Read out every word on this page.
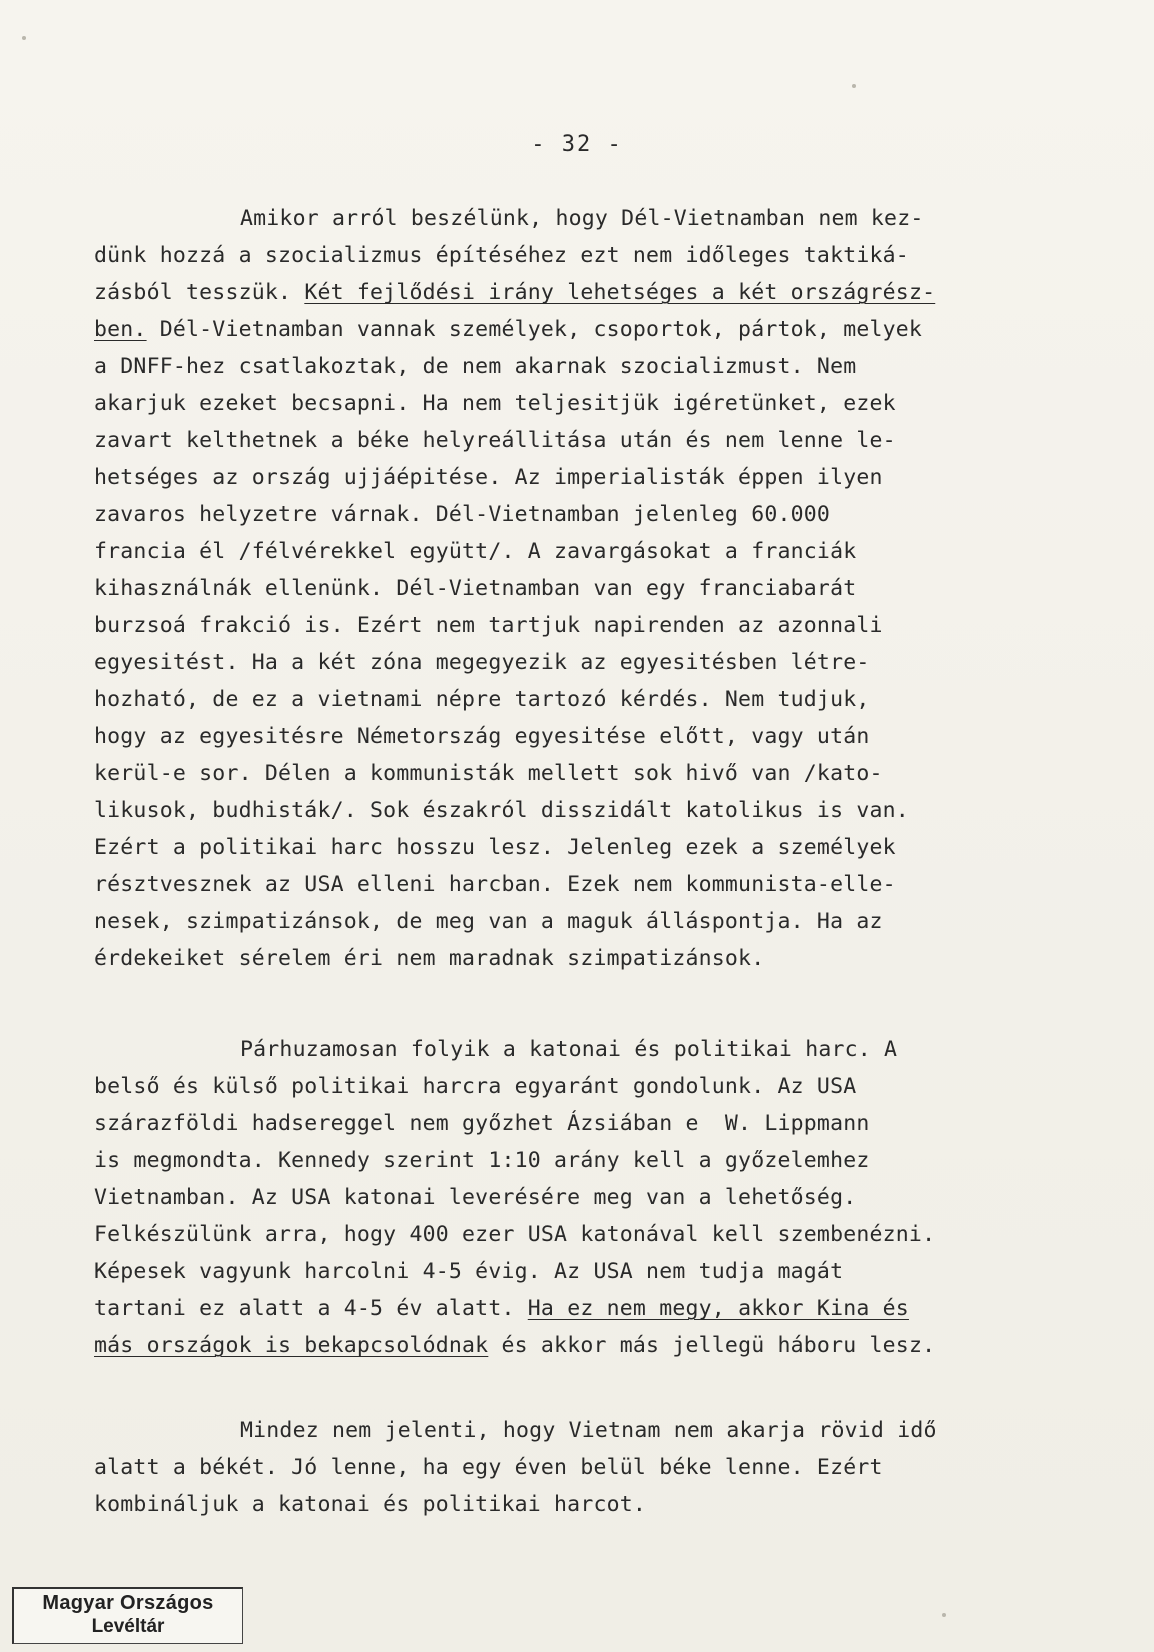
- 32 -
Amikor arról beszélünk, hogy Dél-Vietnamban nem kez-
dünk hozzá a szocializmus építéséhez ezt nem időleges taktiká-
zásból tesszük. Két fejlődési irány lehetséges a két országrész-
ben. Dél-Vietnamban vannak személyek, csoportok, pártok, melyek
a DNFF-hez csatlakoztak, de nem akarnak szocializmust. Nem
akarjuk ezeket becsapni. Ha nem teljesitjük igéretünket, ezek
zavart kelthetnek a béke helyreállitása után és nem lenne le-
hetséges az ország ujjáépitése. Az imperialisták éppen ilyen
zavaros helyzetre várnak. Dél-Vietnamban jelenleg 60.000
francia él /félvérekkel együtt/. A zavargásokat a franciák
kihasználnák ellenünk. Dél-Vietnamban van egy franciabarát
burzsoá frakció is. Ezért nem tartjuk napirenden az azonnali
egyesitést. Ha a két zóna megegyezik az egyesitésben létre-
hozható, de ez a vietnami népre tartozó kérdés. Nem tudjuk,
hogy az egyesitésre Németország egyesitése előtt, vagy után
kerül-e sor. Délen a kommunisták mellett sok hivő van /kato-
likusok, budhisták/. Sok északról disszidált katolikus is van.
Ezért a politikai harc hosszu lesz. Jelenleg ezek a személyek
résztvesznek az USA elleni harcban. Ezek nem kommunista-elle-
nesek, szimpatizánsok, de meg van a maguk álláspontja. Ha az
érdekeiket sérelem éri nem maradnak szimpatizánsok.
Párhuzamosan folyik a katonai és politikai harc. A
belső és külső politikai harcra egyaránt gondolunk. Az USA
szárazföldi hadsereggel nem győzhet Ázsiában e  W. Lippmann
is megmondta. Kennedy szerint 1:10 arány kell a győzelemhez
Vietnamban. Az USA katonai leverésére meg van a lehetőség.
Felkészülünk arra, hogy 400 ezer USA katonával kell szembenézni.
Képesek vagyunk harcolni 4-5 évig. Az USA nem tudja magát
tartani ez alatt a 4-5 év alatt. Ha ez nem megy, akkor Kina és
más országok is bekapcsolódnak és akkor más jellegü háboru lesz.
Mindez nem jelenti, hogy Vietnam nem akarja rövid idő
alatt a békét. Jó lenne, ha egy éven belül béke lenne. Ezért
kombináljuk a katonai és politikai harcot.
Magyar Országos
Levéltár
